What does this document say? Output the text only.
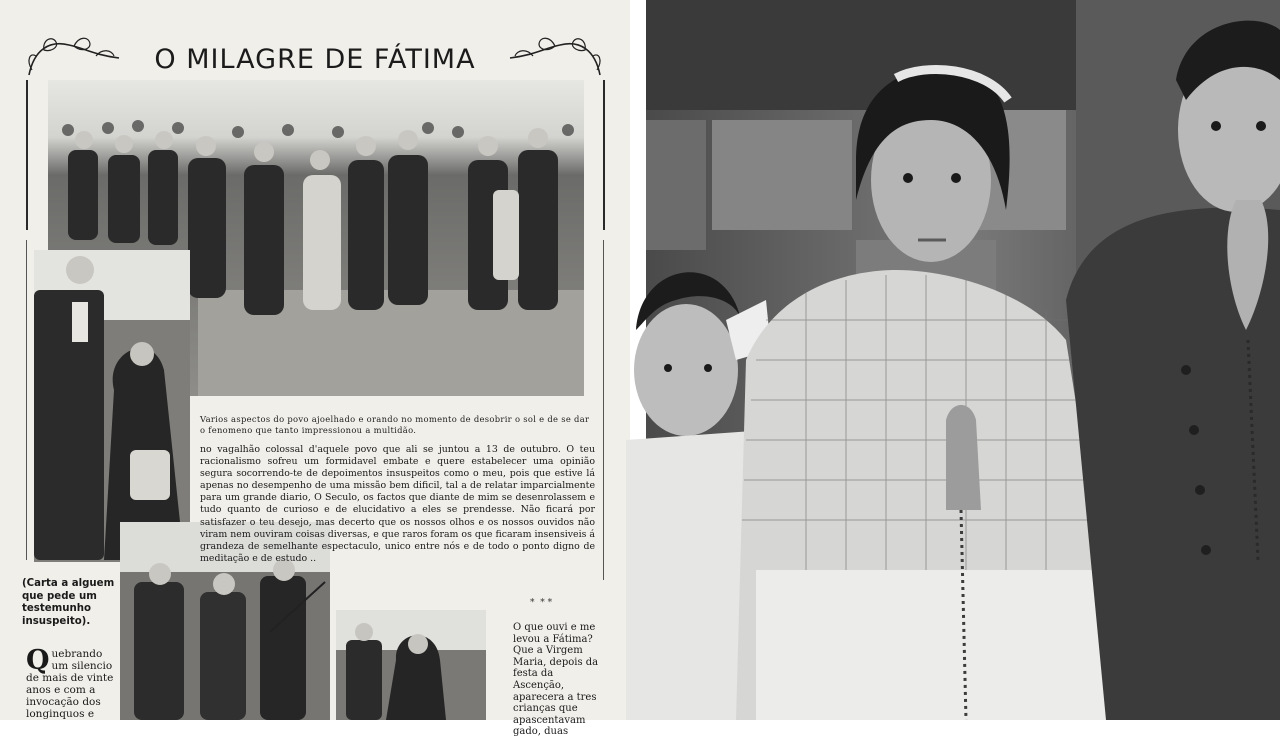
O MILAGRE DE FÁTIMA
Varios aspectos do povo ajoelhado e orando no momento de desobrir o sol e de se dar o fenomeno que tanto impressionou a multidão.
no vagalhão colossal d'aquele povo que ali se juntou a 13 de outubro. O teu racionalismo sofreu um formidavel embate e quere estabelecer uma opinião segura socorrendo-te de depoimentos insuspeitos como o meu, pois que estive lá apenas no desempenho de uma missão bem dificil, tal a de relatar imparcialmente para um grande diario, O Seculo, os factos que diante de mim se desenrolassem e tudo quanto de curioso e de elucidativo a eles se prendesse. Não ficará por satisfazer o teu desejo, mas decerto que os nossos olhos e os nossos ouvidos não viram nem ouviram coisas diversas, e que raros foram os que ficaram insensiveis á grandeza de semelhante espectaculo, unico entre nós e de todo o ponto digno de meditação e de estudo ..
*  * *
(Carta a alguem que pede um testemunho insuspeito).
Quebrando um silencio de mais de vinte anos e com a invocação dos longinquos e
O que ouvi e me levou a Fátima? Que a Virgem Maria, depois da festa da Ascenção, aparecera a tres crianças que apascentavam gado, duas
